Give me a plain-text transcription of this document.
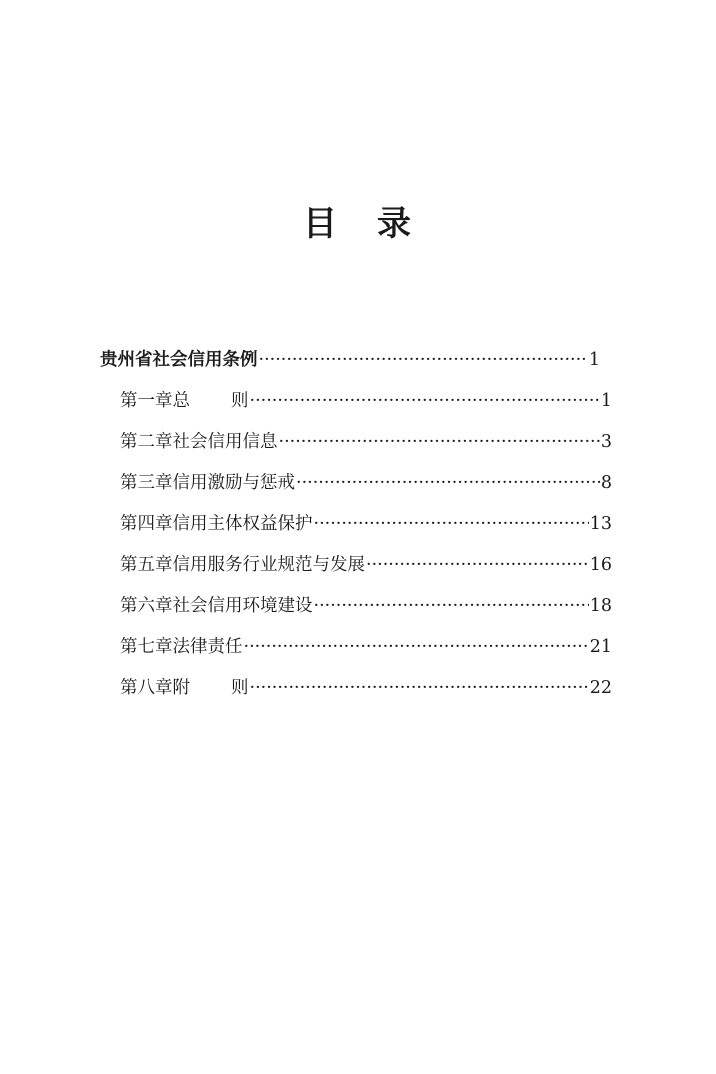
目 录
贵州省社会信用条例 ·····	1
第一章 总 则 ·····	1
第二章 社会信用信息 ·····	3
第三章 信用激励与惩戒 ·····	8
第四章 信用主体权益保护 ·····	13
第五章 信用服务行业规范与发展 ·····	16
第六章 社会信用环境建设 ·····	18
第七章 法律责任 ·····	21
第八章 附 则 ·····	22
